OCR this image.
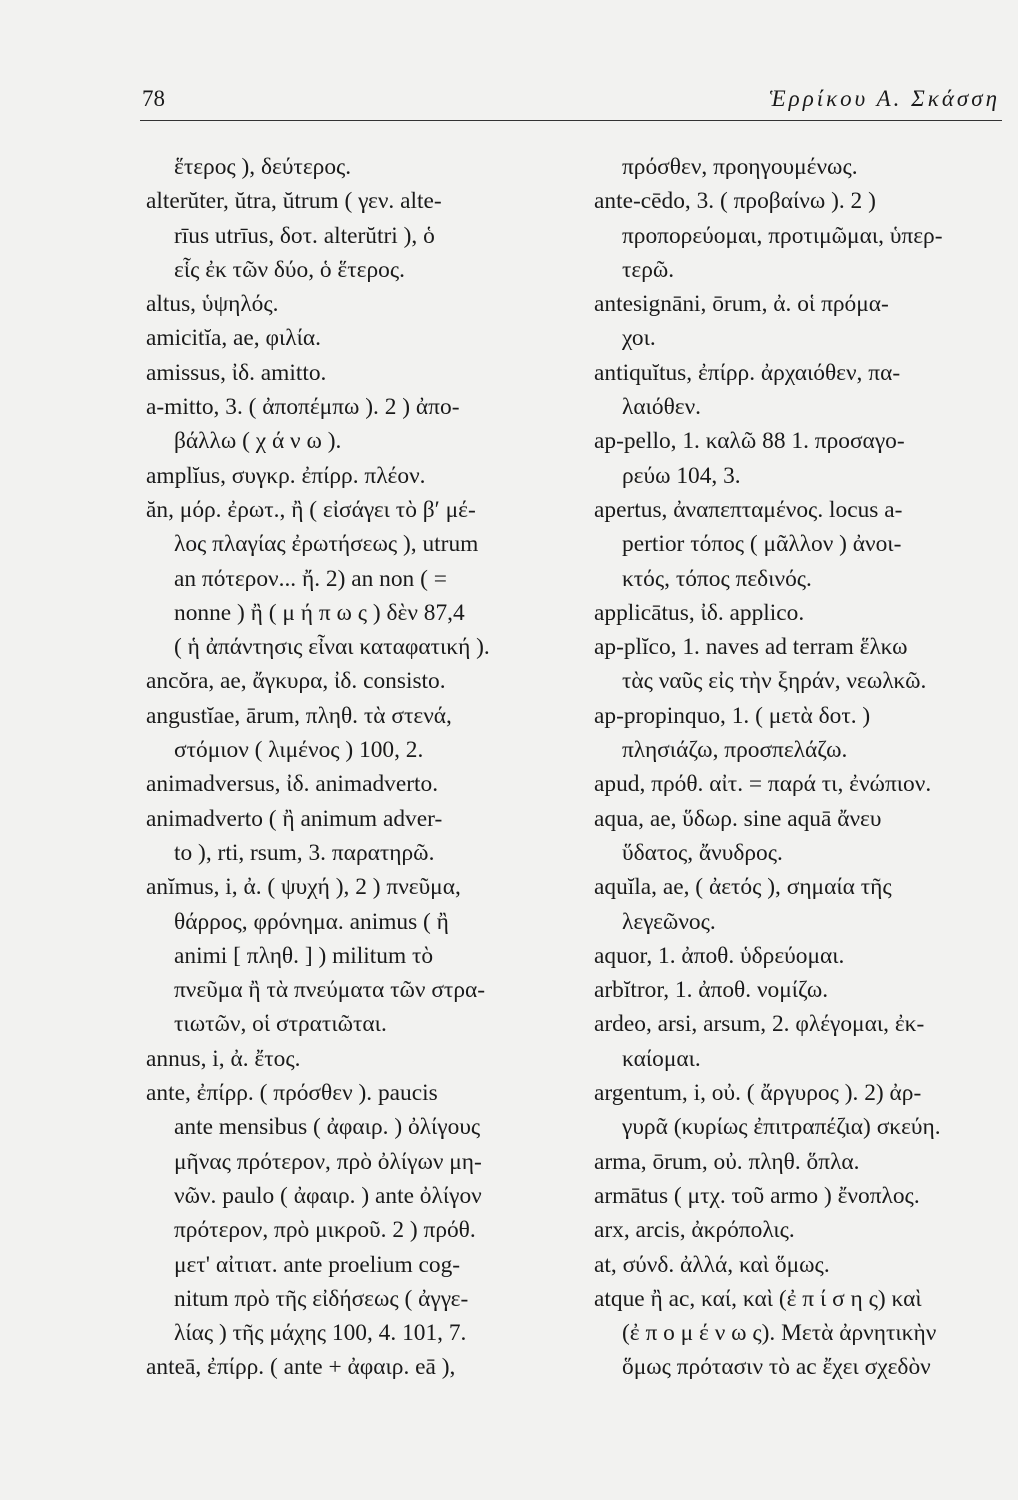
78	Ἑρρίκου Α. Σκάσση
ἕτερος ), δεύτερος.
alterŭter, ŭtra, ŭtrum ( γεν. alte-
rīus utrīus, δοτ. alterŭtri ), ὁ
εἷς ἐκ τῶν δύο, ὁ ἕτερος.
altus, ὑψηλός.
amicitĭa, ae, φιλία.
amissus, ἰδ. amitto.
a-mitto, 3. ( ἀποπέμπω ). 2 ) ἀπο-
βάλλω ( χ ά ν ω ).
amplĭus, συγκρ. ἐπίρρ. πλέον.
ăn, μόρ. ἐρωτ., ἢ ( εἰσάγει τὸ β′ μέ-
λος πλαγίας ἐρωτήσεως ), utrum
an πότερον... ἤ. 2) an non ( =
nonne ) ἢ ( μ ή π ω ς ) δὲν 87,4
( ἡ ἀπάντησις εἶναι καταφατική ).
ancŏra, ae, ἄγκυρα, ἰδ. consisto.
angustĭae, ārum, πληθ. τὰ στενά,
στόμιον ( λιμένος ) 100, 2.
animadversus, ἰδ. animadverto.
animadverto ( ἢ animum adver-
to ), rti, rsum, 3. παρατηρῶ.
anĭmus, i, ἀ. ( ψυχή ), 2 ) πνεῦμα,
θάρρος, φρόνημα. animus ( ἢ
animi [ πληθ. ] ) militum τὸ
πνεῦμα ἢ τὰ πνεύματα τῶν στρα-
τιωτῶν, οἱ στρατιῶται.
annus, i, ἀ. ἔτος.
ante, ἐπίρρ. ( πρόσθεν ). paucis
ante mensibus ( ἀφαιρ. ) ὀλίγους
μῆνας πρότερον, πρὸ ὀλίγων μη-
νῶν. paulo ( ἀφαιρ. ) ante ὀλίγον
πρότερον, πρὸ μικροῦ. 2 ) πρόθ.
μετ' αἰτιατ. ante proelium cog-
nitum πρὸ τῆς εἰδήσεως ( ἀγγε-
λίας ) τῆς μάχης 100, 4. 101, 7.
anteā, ἐπίρρ. ( ante + ἀφαιρ. eā ),
πρόσθεν, προηγουμένως.
ante-cēdo, 3. ( προβαίνω ). 2 )
προπορεύομαι, προτιμῶμαι, ὑπερ-
τερῶ.
antesignāni, ōrum, ἀ. οἱ πρόμα-
χοι.
antiquĭtus, ἐπίρρ. ἀρχαιόθεν, πα-
λαιόθεν.
ap-pello, 1. καλῶ 88 1. προσαγο-
ρεύω 104, 3.
apertus, ἀναπεπταμένος. locus a-
pertior τόπος ( μᾶλλον ) ἀνοι-
κτός, τόπος πεδινός.
applicātus, ἰδ. applico.
ap-plĭco, 1. naves ad terram ἕλκω
τὰς ναῦς εἰς τὴν ξηράν, νεωλκῶ.
ap-propinquo, 1. ( μετὰ δοτ. )
πλησιάζω, προσπελάζω.
apud, πρόθ. αἰτ. = παρά τι, ἐνώπιον.
aqua, ae, ὕδωρ. sine aquā ἄνευ
ὕδατος, ἄνυδρος.
aquĭla, ae, ( ἀετός ), σημαία τῆς
λεγεῶνος.
aquor, 1. ἀποθ. ὑδρεύομαι.
arbĭtror, 1. ἀποθ. νομίζω.
ardeo, arsi, arsum, 2. φλέγομαι, ἐκ-
καίομαι.
argentum, i, οὐ. ( ἄργυρος ). 2) ἀρ-
γυρᾶ (κυρίως ἐπιτραπέζια) σκεύη.
arma, ōrum, οὐ. πληθ. ὅπλα.
armātus ( μτχ. τοῦ armo ) ἔνοπλος.
arx, arcis, ἀκρόπολις.
at, σύνδ. ἀλλά, καὶ ὅμως.
atque ἢ ac, καί, καὶ (ἐ π ί σ η ς) καὶ
(ἐ π ο μ έ ν ω ς). Μετὰ ἀρνητικὴν
ὅμως πρότασιν τὸ ac ἔχει σχεδὸν
